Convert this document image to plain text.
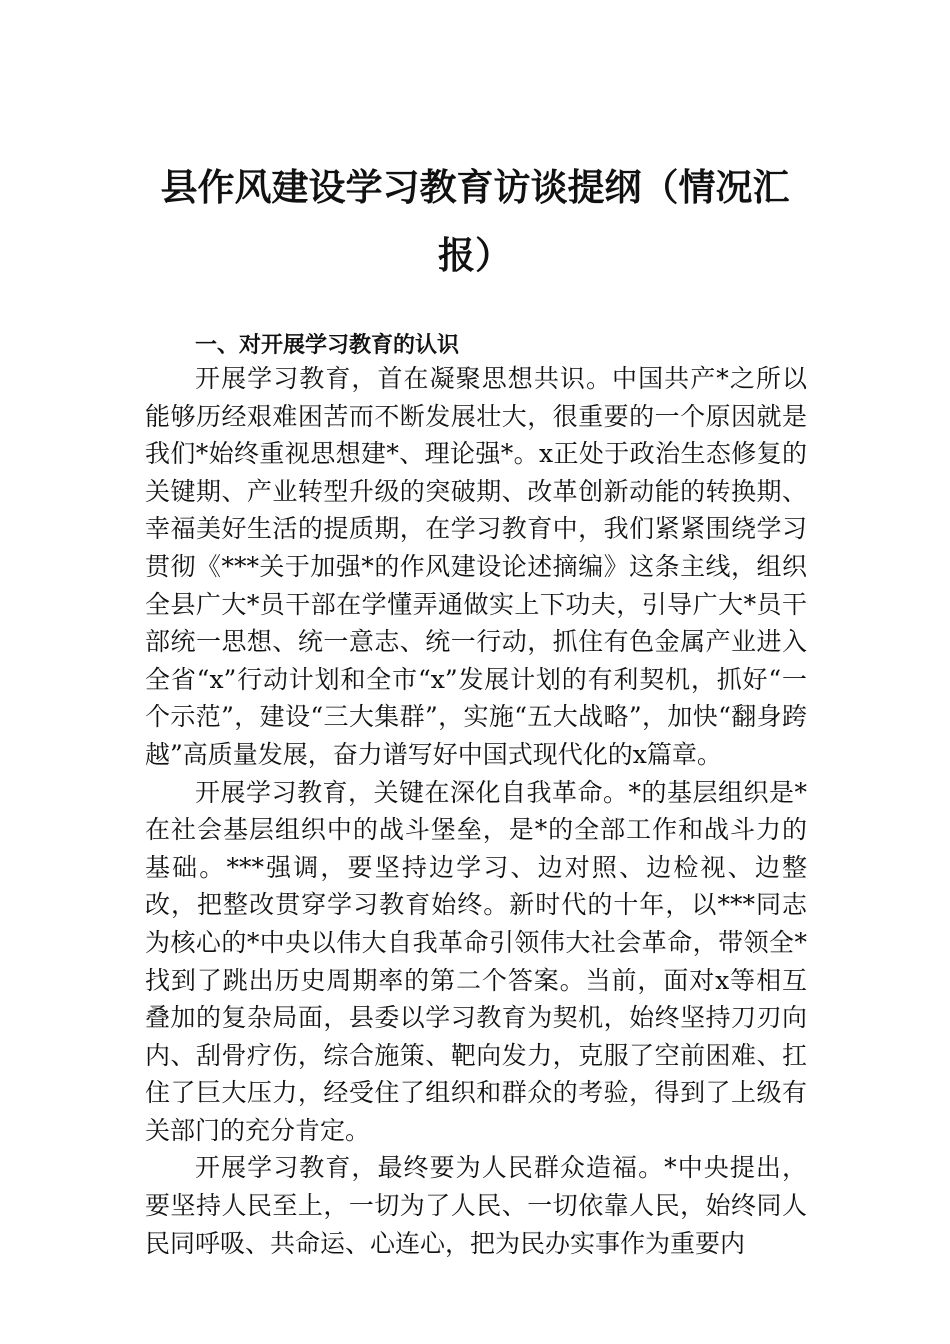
县作风建设学习教育访谈提纲（情况汇报）
一、对开展学习教育的认识

开展学习教育，首在凝聚思想共识。中国共产*之所以能够历经艰难困苦而不断发展壮大，很重要的一个原因就是我们*始终重视思想建*、理论强*。x正处于政治生态修复的关键期、产业转型升级的突破期、改革创新动能的转换期、幸福美好生活的提质期，在学习教育中，我们紧紧围绕学习贯彻《***关于加强*的作风建设论述摘编》这条主线，组织全县广大*员干部在学懂弄通做实上下功夫，引导广大*员干部统一思想、统一意志、统一行动，抓住有色金属产业进入全省“x”行动计划和全市“x”发展计划的有利契机，抓好“一个示范”，建设“三大集群”，实施“五大战略”，加快“翻身跨越”高质量发展，奋力谱写好中国式现代化的x篇章。

开展学习教育，关键在深化自我革命。*的基层组织是*在社会基层组织中的战斗堡垒，是*的全部工作和战斗力的基础。***强调，要坚持边学习、边对照、边检视、边整改，把整改贯穿学习教育始终。新时代的十年，以***同志为核心的*中央以伟大自我革命引领伟大社会革命，带领全*找到了跳出历史周期率的第二个答案。当前，面对x等相互叠加的复杂局面，县委以学习教育为契机，始终坚持刀刃向内、刮骨疗伤，综合施策、靶向发力，克服了空前困难、扛住了巨大压力，经受住了组织和群众的考验，得到了上级有关部门的充分肯定。

开展学习教育，最终要为人民群众造福。*中央提出，要坚持人民至上，一切为了人民、一切依靠人民，始终同人民同呼吸、共命运、心连心，把为民办实事作为重要内
